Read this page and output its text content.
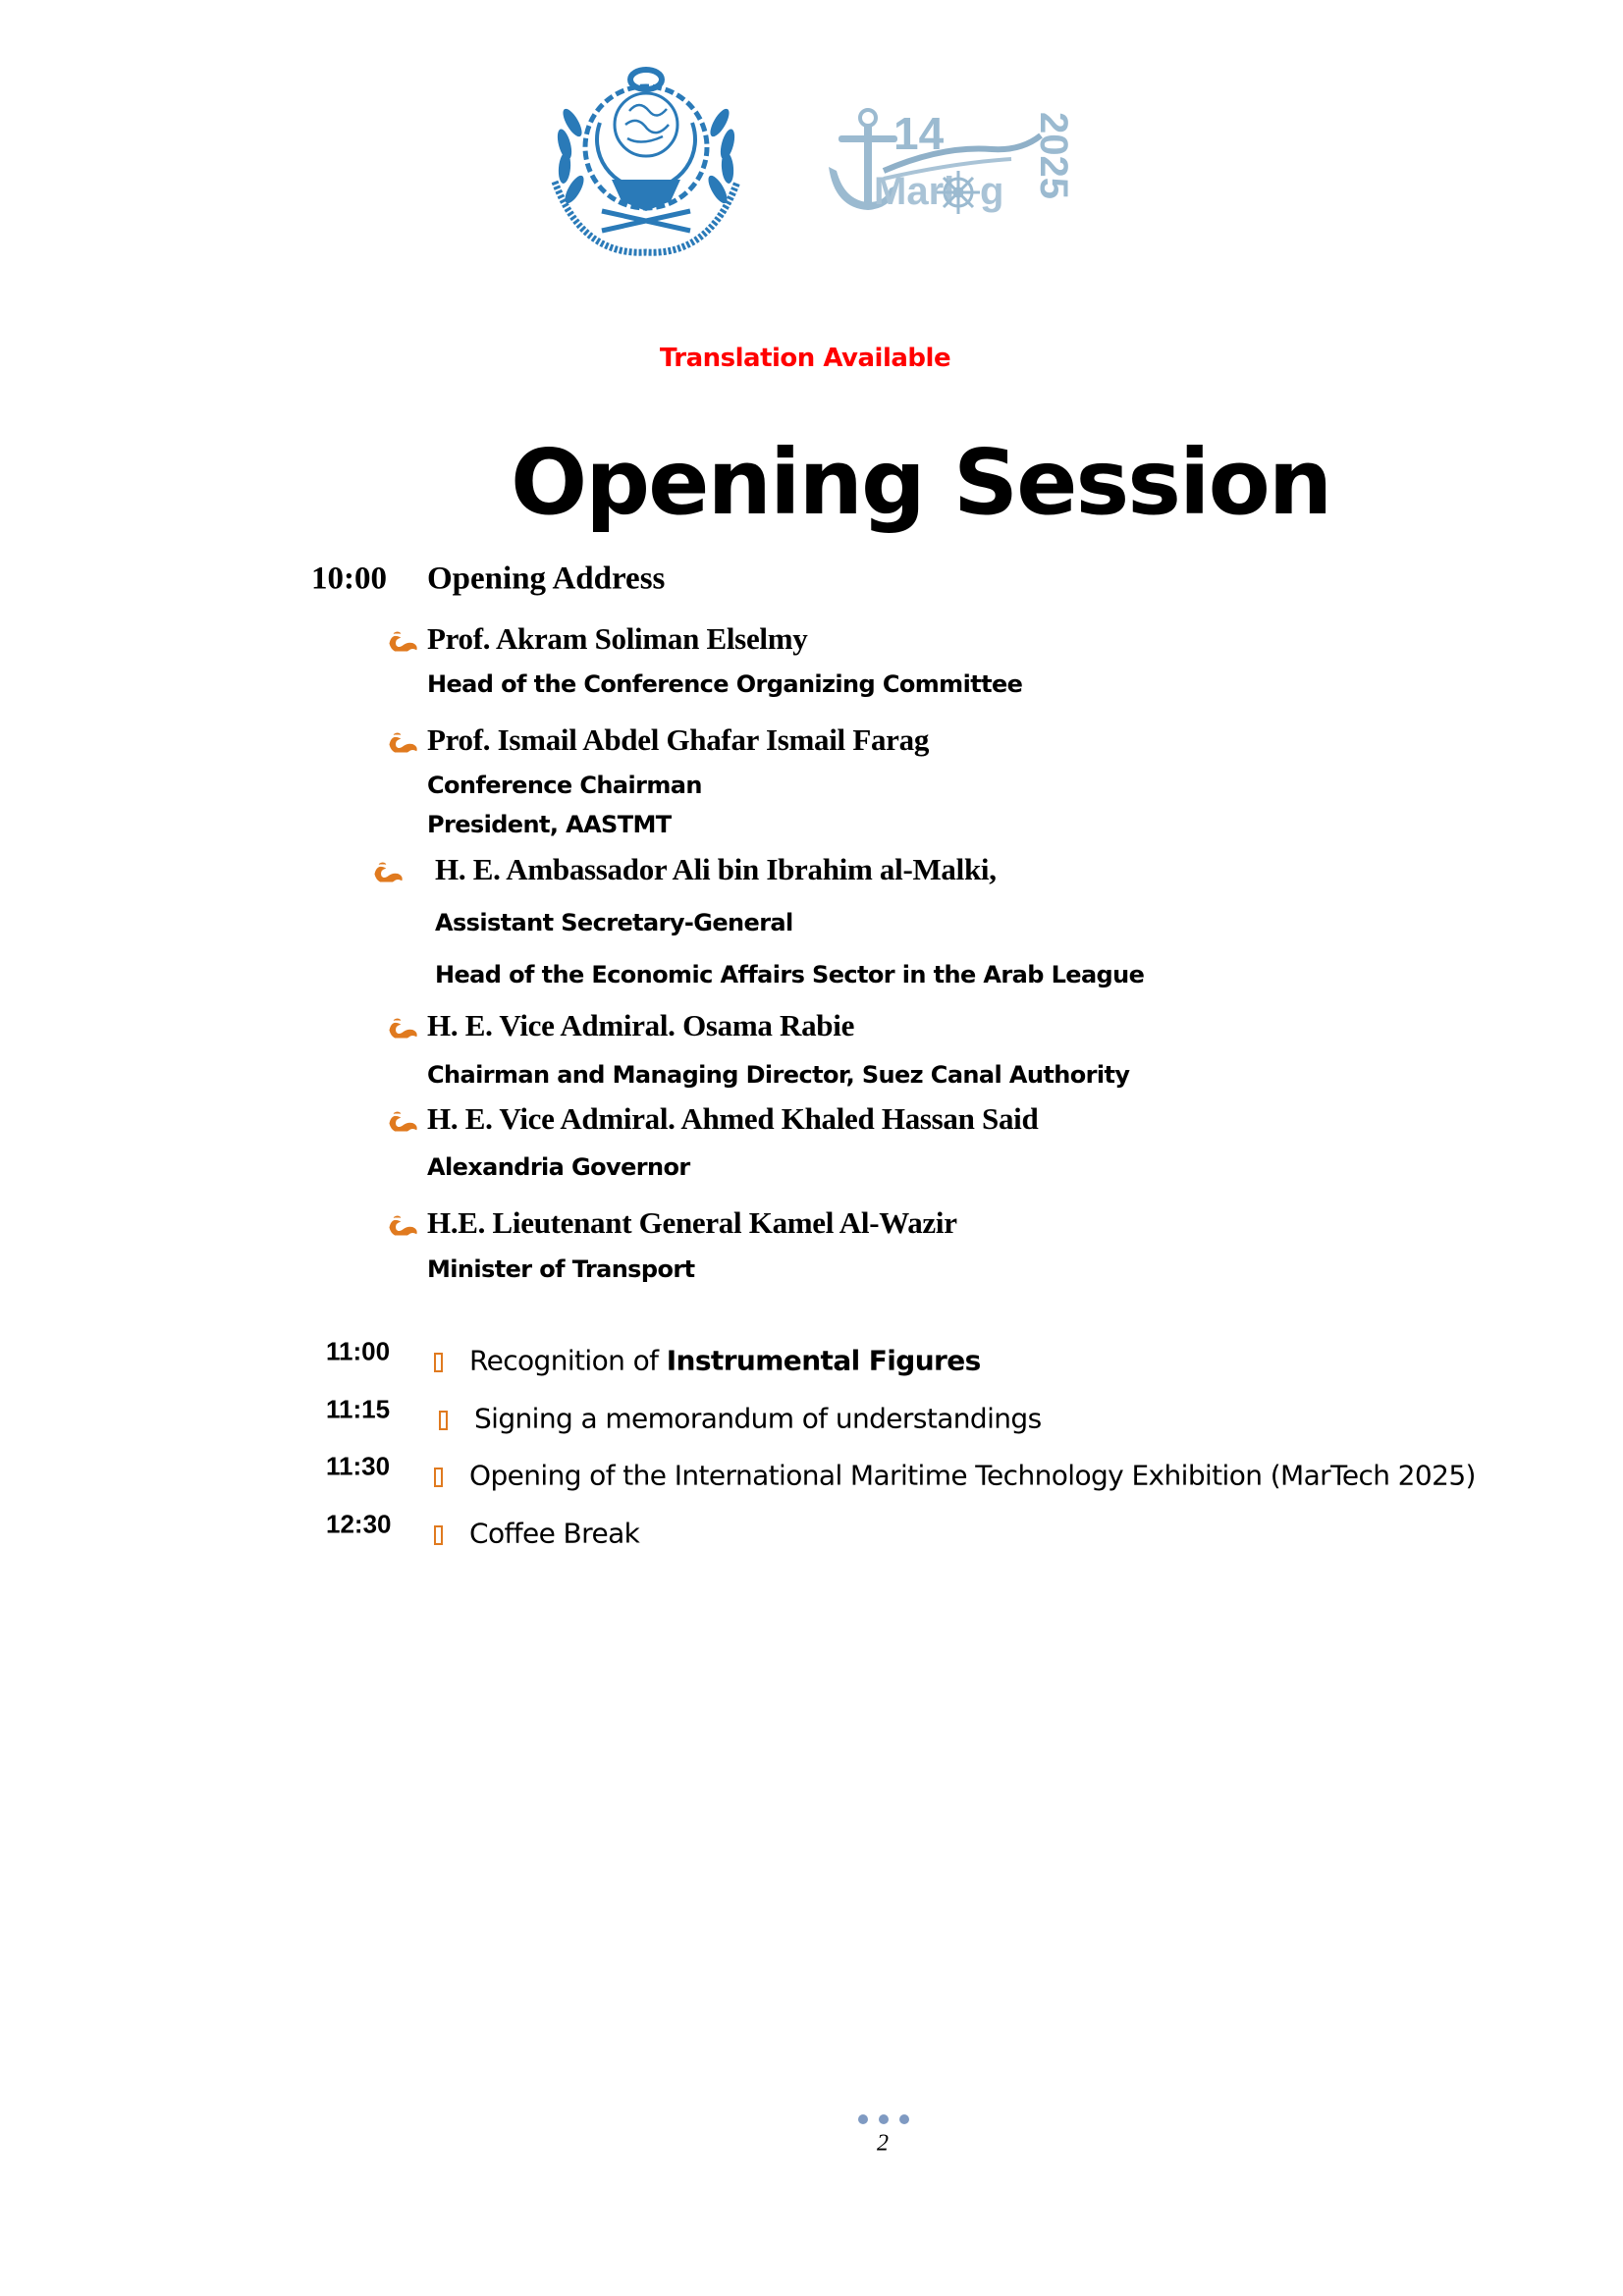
14
Marl g 2025
Translation Available
Opening Session
10:00 Opening Address
Prof. Akram Soliman Elselmy
Head of the Conference Organizing Committee
Prof. Ismail Abdel Ghafar Ismail Farag
Conference Chairman
President, AASTMT
H. E. Ambassador Ali bin Ibrahim al-Malki,
Assistant Secretary-General
Head of the Economic Affairs Sector in the Arab League
H. E. Vice Admiral. Osama Rabie
Chairman and Managing Director, Suez Canal Authority
H. E. Vice Admiral. Ahmed Khaled Hassan Said
Alexandria Governor
H.E. Lieutenant General Kamel Al-Wazir
Minister of Transport
11:00	Recognition of Instrumental Figures
11:15	Signing a memorandum of understandings
11:30	Opening of the International Maritime Technology Exhibition (MarTech 2025)
12:30	Coffee Break
2
